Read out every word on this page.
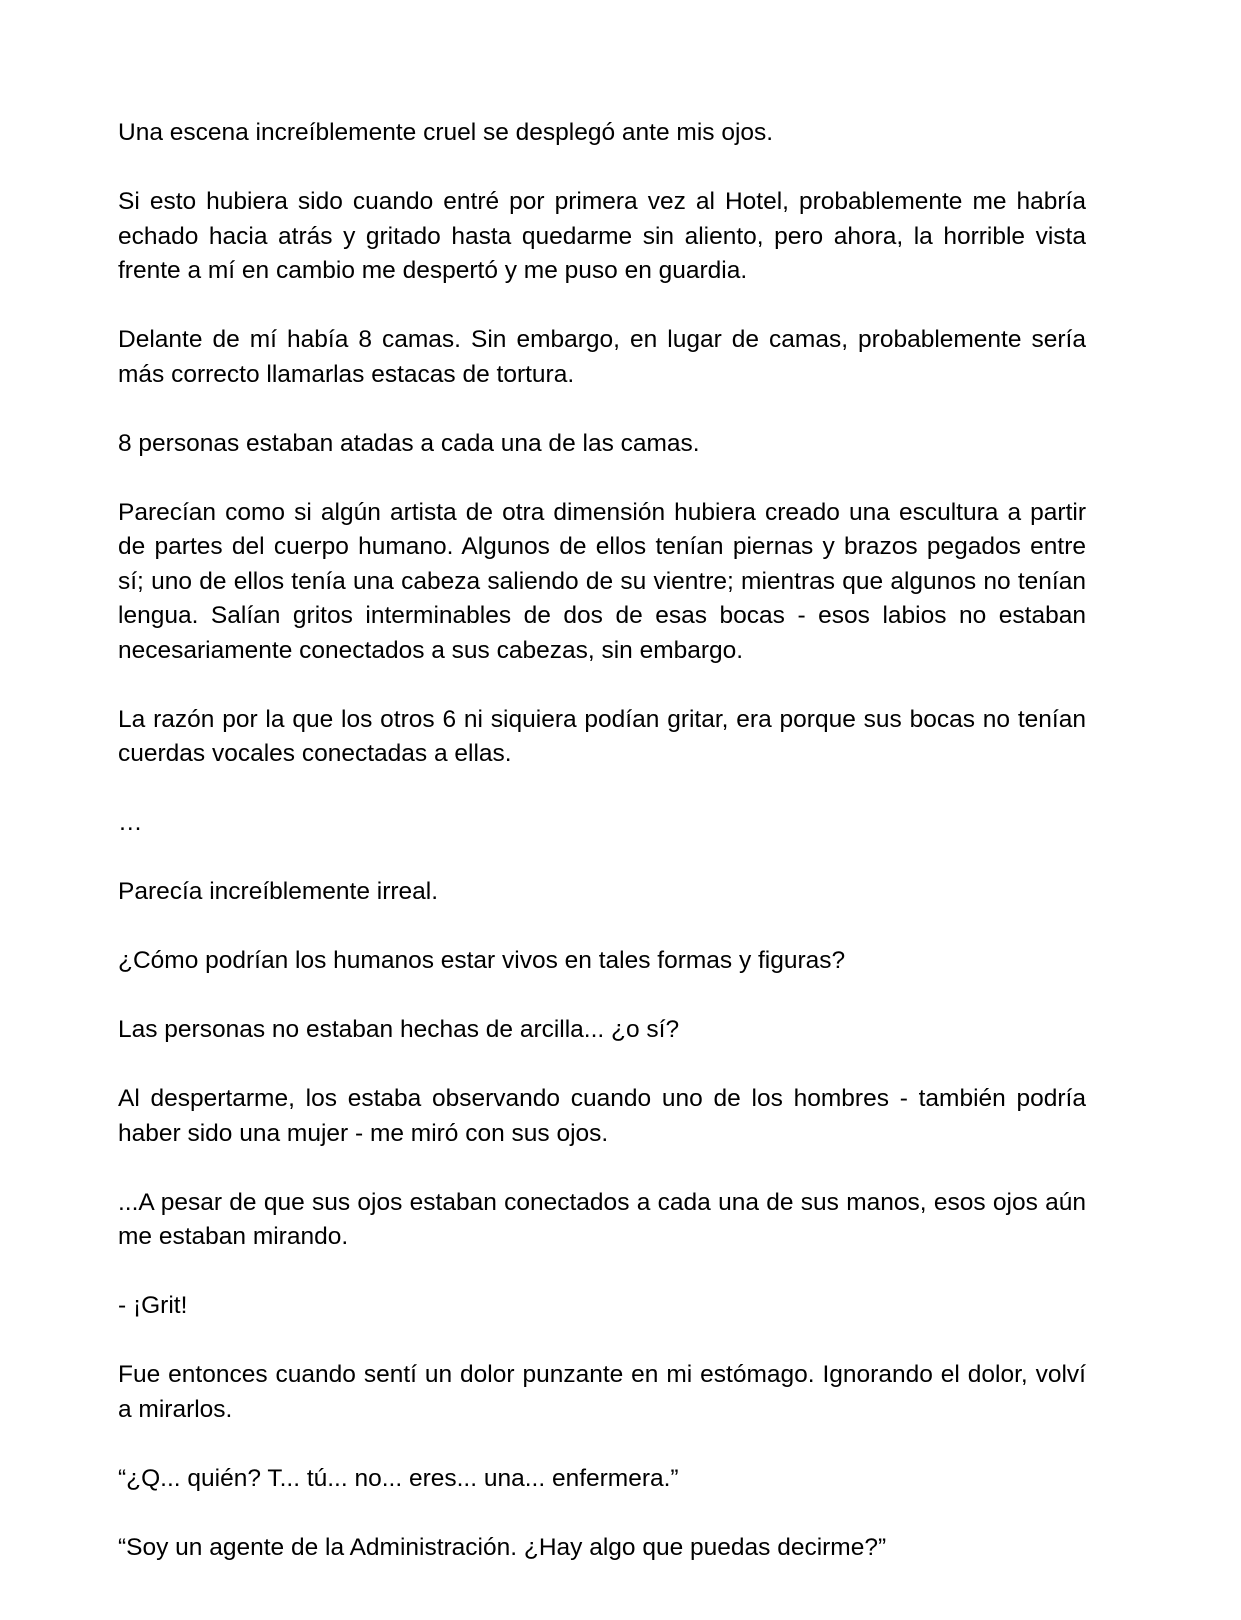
Una escena increíblemente cruel se desplegó ante mis ojos.

Si esto hubiera sido cuando entré por primera vez al Hotel, probablemente me habría echado hacia atrás y gritado hasta quedarme sin aliento, pero ahora, la horrible vista frente a mí en cambio me despertó y me puso en guardia.

Delante de mí había 8 camas. Sin embargo, en lugar de camas, probablemente sería más correcto llamarlas estacas de tortura.

8 personas estaban atadas a cada una de las camas.

Parecían como si algún artista de otra dimensión hubiera creado una escultura a partir de partes del cuerpo humano. Algunos de ellos tenían piernas y brazos pegados entre sí; uno de ellos tenía una cabeza saliendo de su vientre; mientras que algunos no tenían lengua. Salían gritos interminables de dos de esas bocas - esos labios no estaban necesariamente conectados a sus cabezas, sin embargo.

La razón por la que los otros 6 ni siquiera podían gritar, era porque sus bocas no tenían cuerdas vocales conectadas a ellas.

…

Parecía increíblemente irreal.

¿Cómo podrían los humanos estar vivos en tales formas y figuras?

Las personas no estaban hechas de arcilla... ¿o sí?

Al despertarme, los estaba observando cuando uno de los hombres - también podría haber sido una mujer - me miró con sus ojos.

...A pesar de que sus ojos estaban conectados a cada una de sus manos, esos ojos aún me estaban mirando.

- ¡Grit!

Fue entonces cuando sentí un dolor punzante en mi estómago. Ignorando el dolor, volví a mirarlos.

“¿Q... quién? T... tú... no... eres... una... enfermera.”

“Soy un agente de la Administración. ¿Hay algo que puedas decirme?”
